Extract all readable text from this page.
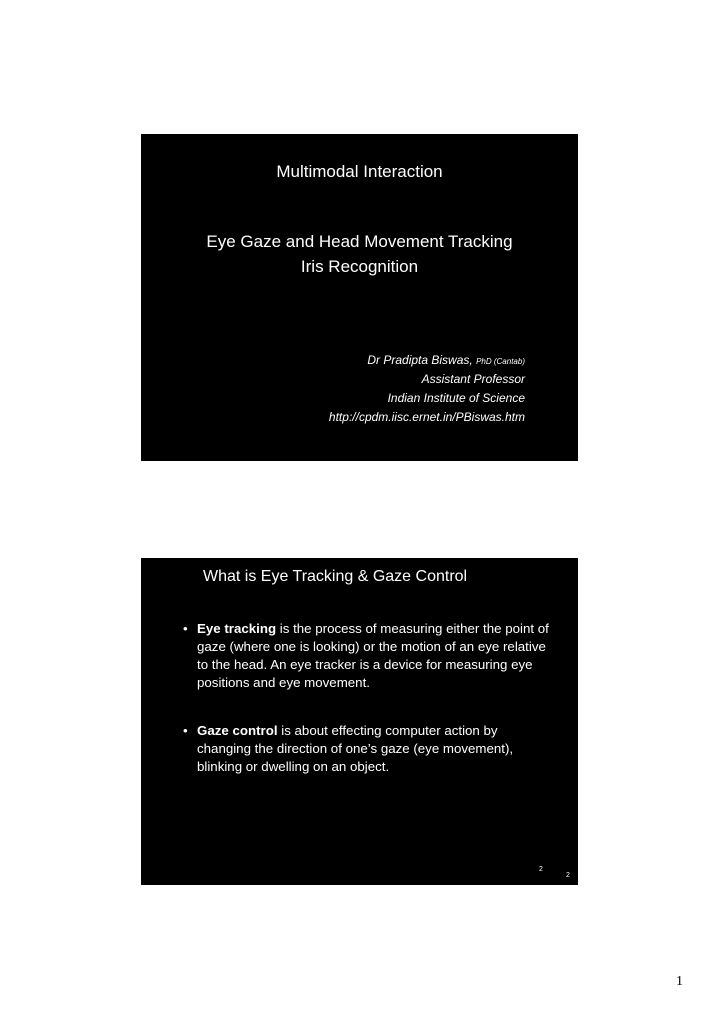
Multimodal Interaction
Eye Gaze and Head Movement Tracking
Iris Recognition
Dr Pradipta Biswas, PhD (Cantab)
Assistant Professor
Indian Institute of Science
http://cpdm.iisc.ernet.in/PBiswas.htm
What is Eye Tracking & Gaze Control
• Eye tracking is the process of measuring either the point of gaze (where one is looking) or the motion of an eye relative to the head. An eye tracker is a device for measuring eye positions and eye movement.
• Gaze control is about effecting computer action by changing the direction of one’s gaze (eye movement), blinking or dwelling on an object.
2
2
1
